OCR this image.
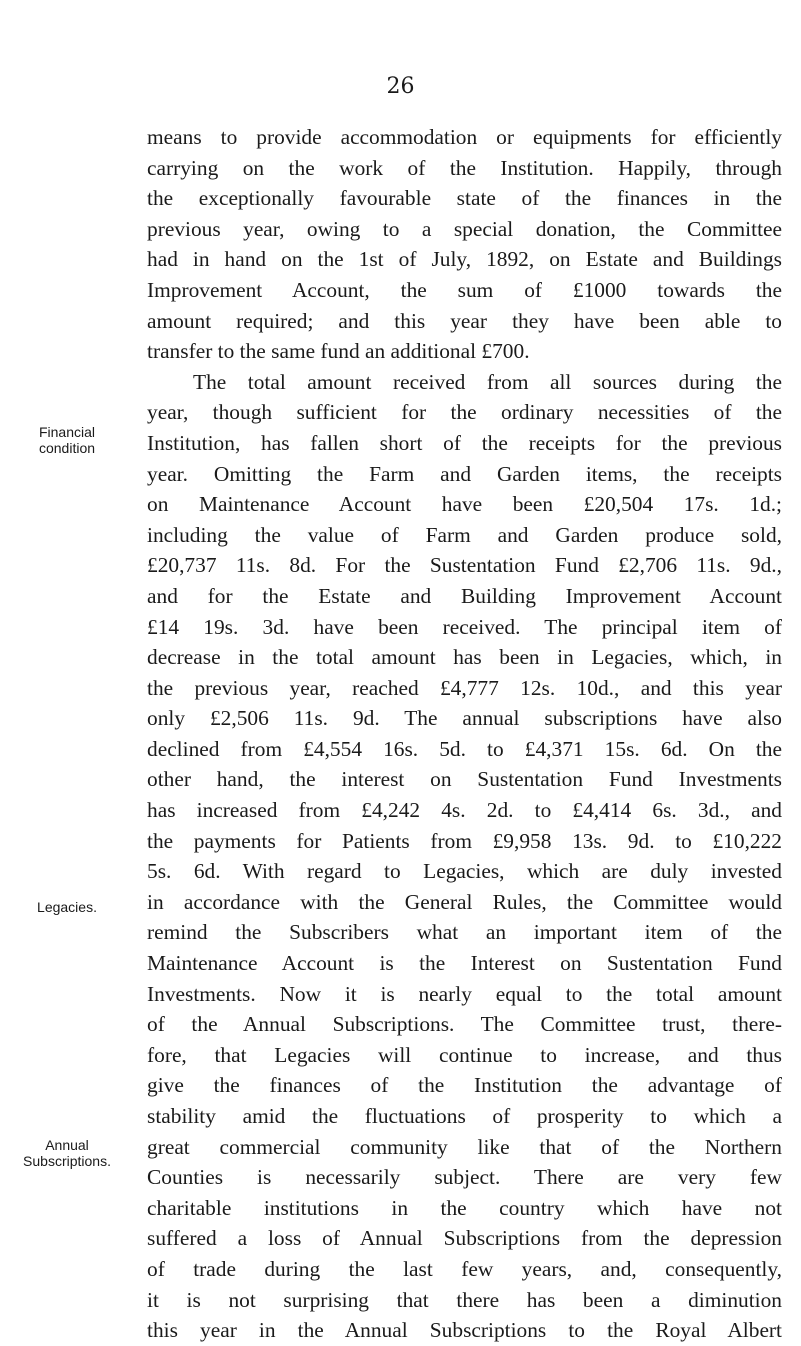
26
Financial
condition
Legacies.
Annual
Subscriptions.
means to provide accommodation or equipments for efficiently
carrying on the work of the Institution. Happily, through
the exceptionally favourable state of the finances in the
previous year, owing to a special donation, the Committee
had in hand on the 1st of July, 1892, on Estate and Buildings
Improvement Account, the sum of £1000 towards the
amount required; and this year they have been able to
transfer to the same fund an additional £700.
The total amount received from all sources during the
year, though sufficient for the ordinary necessities of the
Institution, has fallen short of the receipts for the previous
year. Omitting the Farm and Garden items, the receipts
on Maintenance Account have been £20,504 17s. 1d.;
including the value of Farm and Garden produce sold,
£20,737 11s. 8d. For the Sustentation Fund £2,706 11s. 9d.,
and for the Estate and Building Improvement Account
£14 19s. 3d. have been received. The principal item of
decrease in the total amount has been in Legacies, which, in
the previous year, reached £4,777 12s. 10d., and this year
only £2,506 11s. 9d. The annual subscriptions have also
declined from £4,554 16s. 5d. to £4,371 15s. 6d. On the
other hand, the interest on Sustentation Fund Investments
has increased from £4,242 4s. 2d. to £4,414 6s. 3d., and
the payments for Patients from £9,958 13s. 9d. to £10,222
5s. 6d. With regard to Legacies, which are duly invested
in accordance with the General Rules, the Committee would
remind the Subscribers what an important item of the
Maintenance Account is the Interest on Sustentation Fund
Investments. Now it is nearly equal to the total amount
of the Annual Subscriptions. The Committee trust, there-
fore, that Legacies will continue to increase, and thus
give the finances of the Institution the advantage of
stability amid the fluctuations of prosperity to which a
great commercial community like that of the Northern
Counties is necessarily subject. There are very few
charitable institutions in the country which have not
suffered a loss of Annual Subscriptions from the depression
of trade during the last few years, and, consequently,
it is not surprising that there has been a diminution
this year in the Annual Subscriptions to the Royal Albert
